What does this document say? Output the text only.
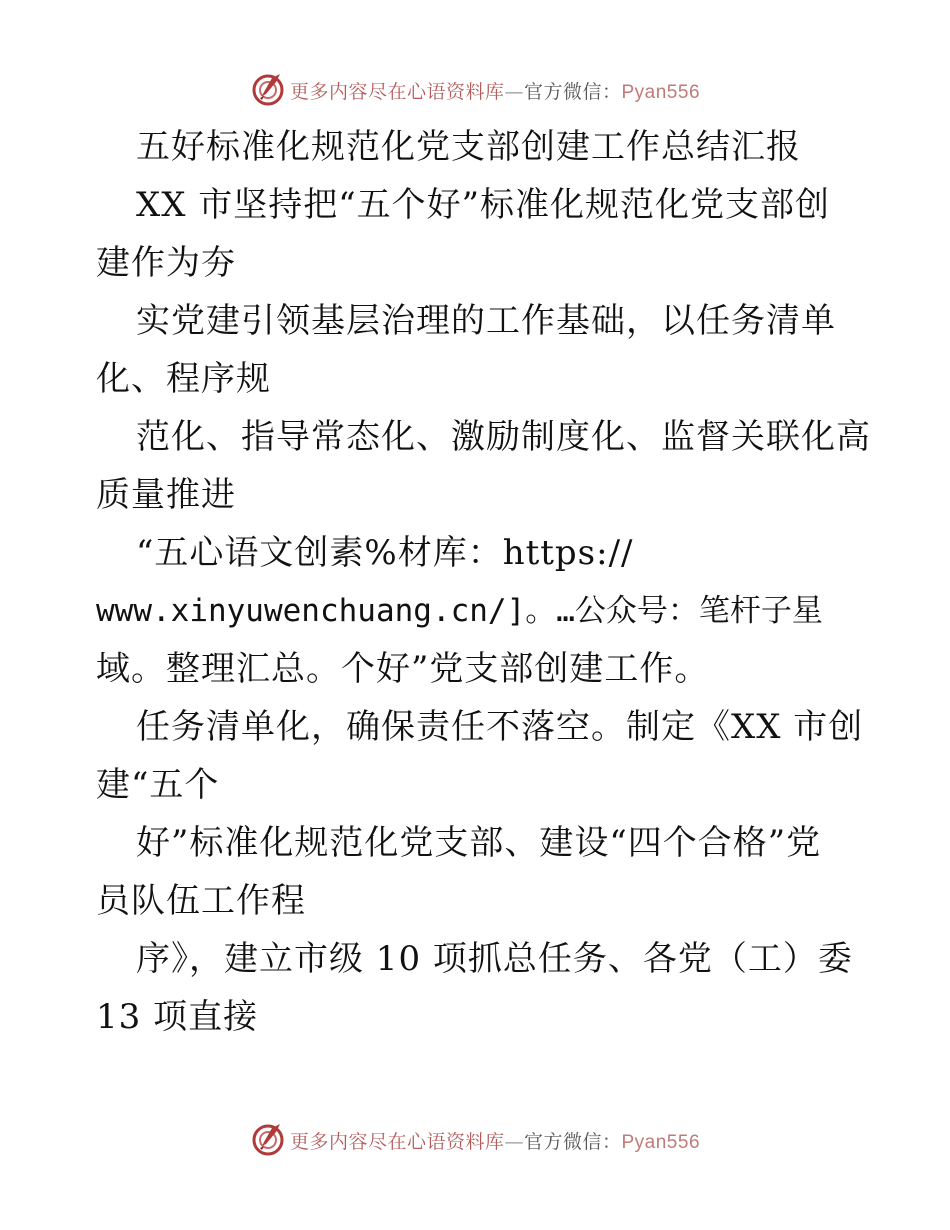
更多内容尽在心语资料库—官方微信：Pyan556
五好标准化规范化党支部创建工作总结汇报
XX 市坚持把“五个好”标准化规范化党支部创
建作为夯
实党建引领基层治理的工作基础，以任务清单
化、程序规
范化、指导常态化、激励制度化、监督关联化高
质量推进
“五心语文创素%材库：https://
www.xinyuwenchuang.cn/]。…公众号：笔杆子星
域。整理汇总。个好”党支部创建工作。
任务清单化，确保责任不落空。制定《XX 市创
建“五个
好”标准化规范化党支部、建设“四个合格”党
员队伍工作程
序》，建立市级 10 项抓总任务、各党（工）委
13 项直接
更多内容尽在心语资料库—官方微信：Pyan556
